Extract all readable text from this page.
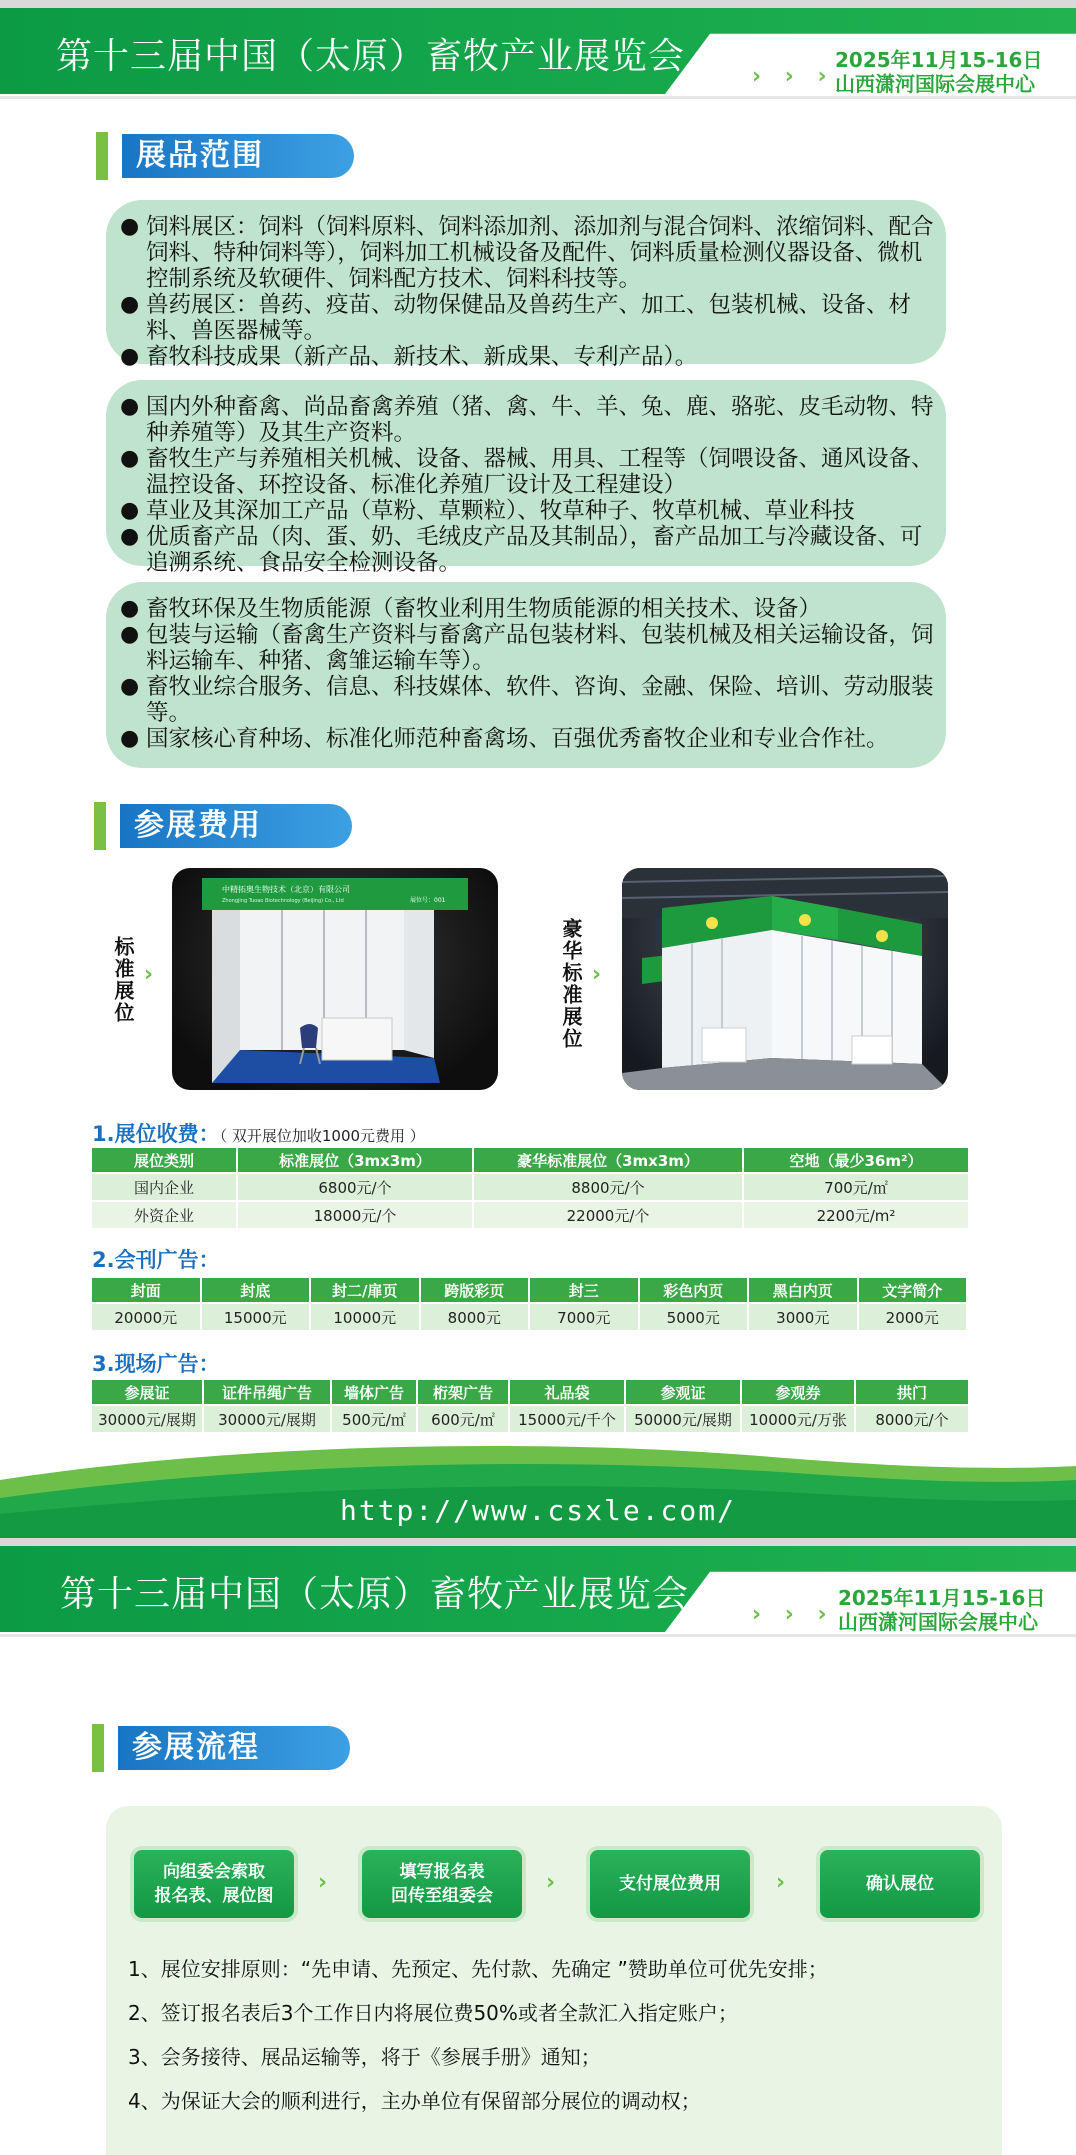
第十三届中国（太原）畜牧产业展览会	› › ›
2025年11月15-16日
山西潇河国际会展中心
展品范围
● 饲料展区：饲料（饲料原料、饲料添加剂、添加剂与混合饲料、浓缩饲料、配合饲料、特种饲料等），饲料加工机械设备及配件、饲料质量检测仪器设备、微机控制系统及软硬件、饲料配方技术、饲料科技等。
● 兽药展区：兽药、疫苗、动物保健品及兽药生产、加工、包装机械、设备、材料、兽医器械等。
● 畜牧科技成果（新产品、新技术、新成果、专利产品）。
● 国内外种畜禽、尚品畜禽养殖（猪、禽、牛、羊、兔、鹿、骆驼、皮毛动物、特种养殖等）及其生产资料。
● 畜牧生产与养殖相关机械、设备、器械、用具、工程等（饲喂设备、通风设备、温控设备、环控设备、标准化养殖厂设计及工程建设）
● 草业及其深加工产品（草粉、草颗粒）、牧草种子、牧草机械、草业科技
● 优质畜产品（肉、蛋、奶、毛绒皮产品及其制品），畜产品加工与冷藏设备、可追溯系统、食品安全检测设备。
● 畜牧环保及生物质能源（畜牧业利用生物质能源的相关技术、设备）
● 包装与运输（畜禽生产资料与畜禽产品包装材料、包装机械及相关运输设备，饲料运输车、种猪、禽雏运输车等）。
● 畜牧业综合服务、信息、科技媒体、软件、咨询、金融、保险、培训、劳动服装等。
● 国家核心育种场、标准化师范种畜禽场、百强优秀畜牧企业和专业合作社。
参展费用
标准展位 ›
中精拓奥生物技术（北京）有限公司
Zhongjing Tuoao Biotechnology (Beijing) Co., Ltd	展位号：001
豪华标准展位 ›
1.展位收费：（ 双开展位加收1000元费用 ）
展位类别	标准展位（3mx3m）	豪华标准展位（3mx3m）	空地（最少36m²）
国内企业	6800元/个	8800元/个	700元/㎡
外资企业	18000元/个	22000元/个	2200元/m²
2.会刊广告：
封面	封底	封二/扉页	跨版彩页	封三	彩色内页	黑白内页	文字简介
20000元	15000元	10000元	8000元	7000元	5000元	3000元	2000元
3.现场广告：
参展证	证件吊绳广告	墙体广告	桁架广告	礼品袋	参观证	参观券	拱门
30000元/展期	30000元/展期	500元/㎡	600元/㎡	15000元/千个	50000元/展期	10000元/万张	8000元/个
http://www.csxle.com/
第十三届中国（太原）畜牧产业展览会	› › ›
2025年11月15-16日
山西潇河国际会展中心
参展流程
向组委会索取
报名表、展位图
›	填写报名表
回传至组委会
›	支付展位费用	›	确认展位
1、展位安排原则：“先申请、先预定、先付款、先确定 ”赞助单位可优先安排；
2、签订报名表后3个工作日内将展位费50%或者全款汇入指定账户；
3、会务接待、展品运输等，将于《参展手册》通知；
4、为保证大会的顺利进行，主办单位有保留部分展位的调动权；
